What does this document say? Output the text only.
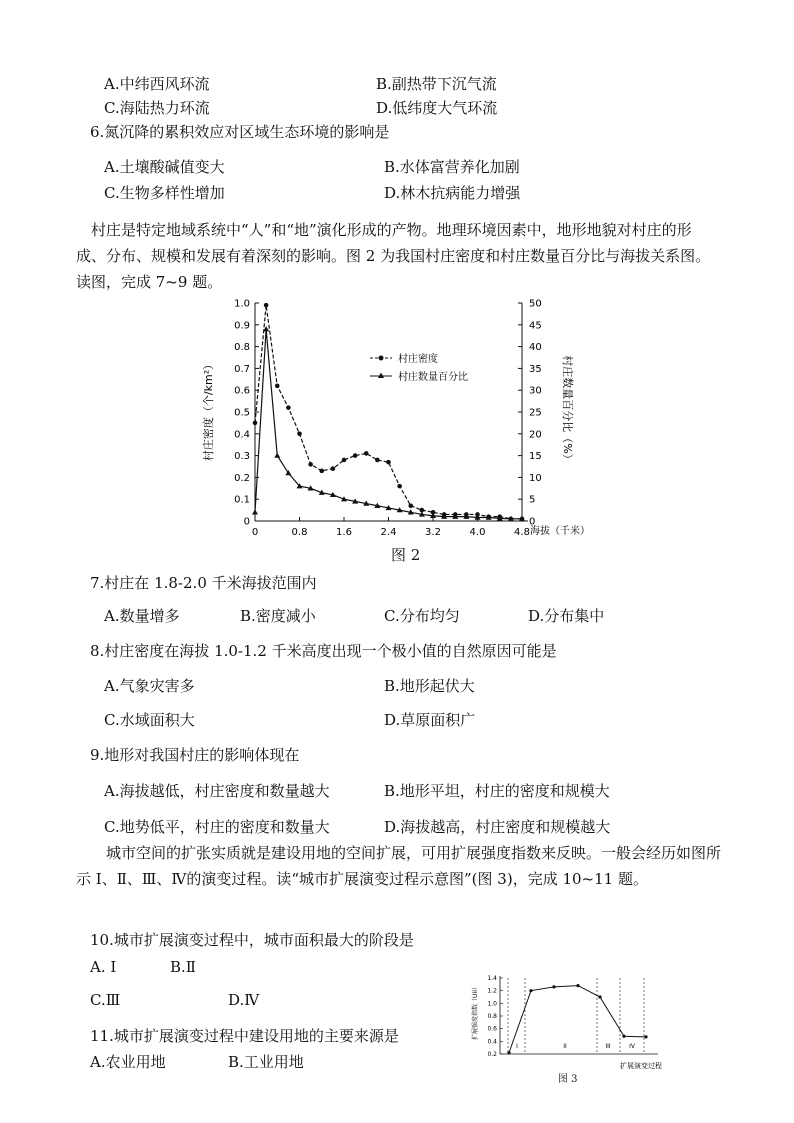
A.中纬西风环流	B.副热带下沉气流
C.海陆热力环流	D.低纬度大气环流
6.氮沉降的累积效应对区域生态环境的影响是
A.土壤酸碱值变大	B.水体富营养化加剧
C.生物多样性增加	D.林木抗病能力增强
村庄是特定地域系统中“人”和“地”演化形成的产物。地理环境因素中，地形地貌对村庄的形成、分布、规模和发展有着深刻的影响。图 2 为我国村庄密度和村庄数量百分比与海拔关系图。读图，完成 7~9 题。
0
0.1
0.2
0.3
0.4
0.5
0.6
0.7
0.8
0.9
1.0
0
5
10
15
20
25
30
35
40
45
50
0	0.8	1.6	2.4	3.2	4.0	4.8
村庄密度
村庄数量百分比
村庄密度（个/km²）	村庄数量百分比（%）
海拔（千米）
图 2
7.村庄在 1.8-2.0 千米海拔范围内
A.数量增多	B.密度减小	C.分布均匀	D.分布集中
8.村庄密度在海拔 1.0-1.2 千米高度出现一个极小值的自然原因可能是
A.气象灾害多	B.地形起伏大
C.水域面积大	D.草原面积广
9.地形对我国村庄的影响体现在
A.海拔越低，村庄密度和数量越大	B.地形平坦，村庄的密度和规模大
C.地势低平，村庄的密度和数量大	D.海拔越高，村庄密度和规模越大
城市空间的扩张实质就是建设用地的空间扩展，可用扩展强度指数来反映。一般会经历如图所示 Ⅰ、Ⅱ、Ⅲ、Ⅳ的演变过程。读“城市扩展演变过程示意图”(图 3)，完成 10~11 题。
10.城市扩展演变过程中，城市面积最大的阶段是
A. Ⅰ	B.Ⅱ
C.Ⅲ	D.Ⅳ
11.城市扩展演变过程中建设用地的主要来源是
A.农业用地	B.工业用地	0.2
0.4
0.6
0.8
1.0
1.2
1.4
I	II	III	IV
扩展强度指数（UII）
扩展演变过程
图 3
